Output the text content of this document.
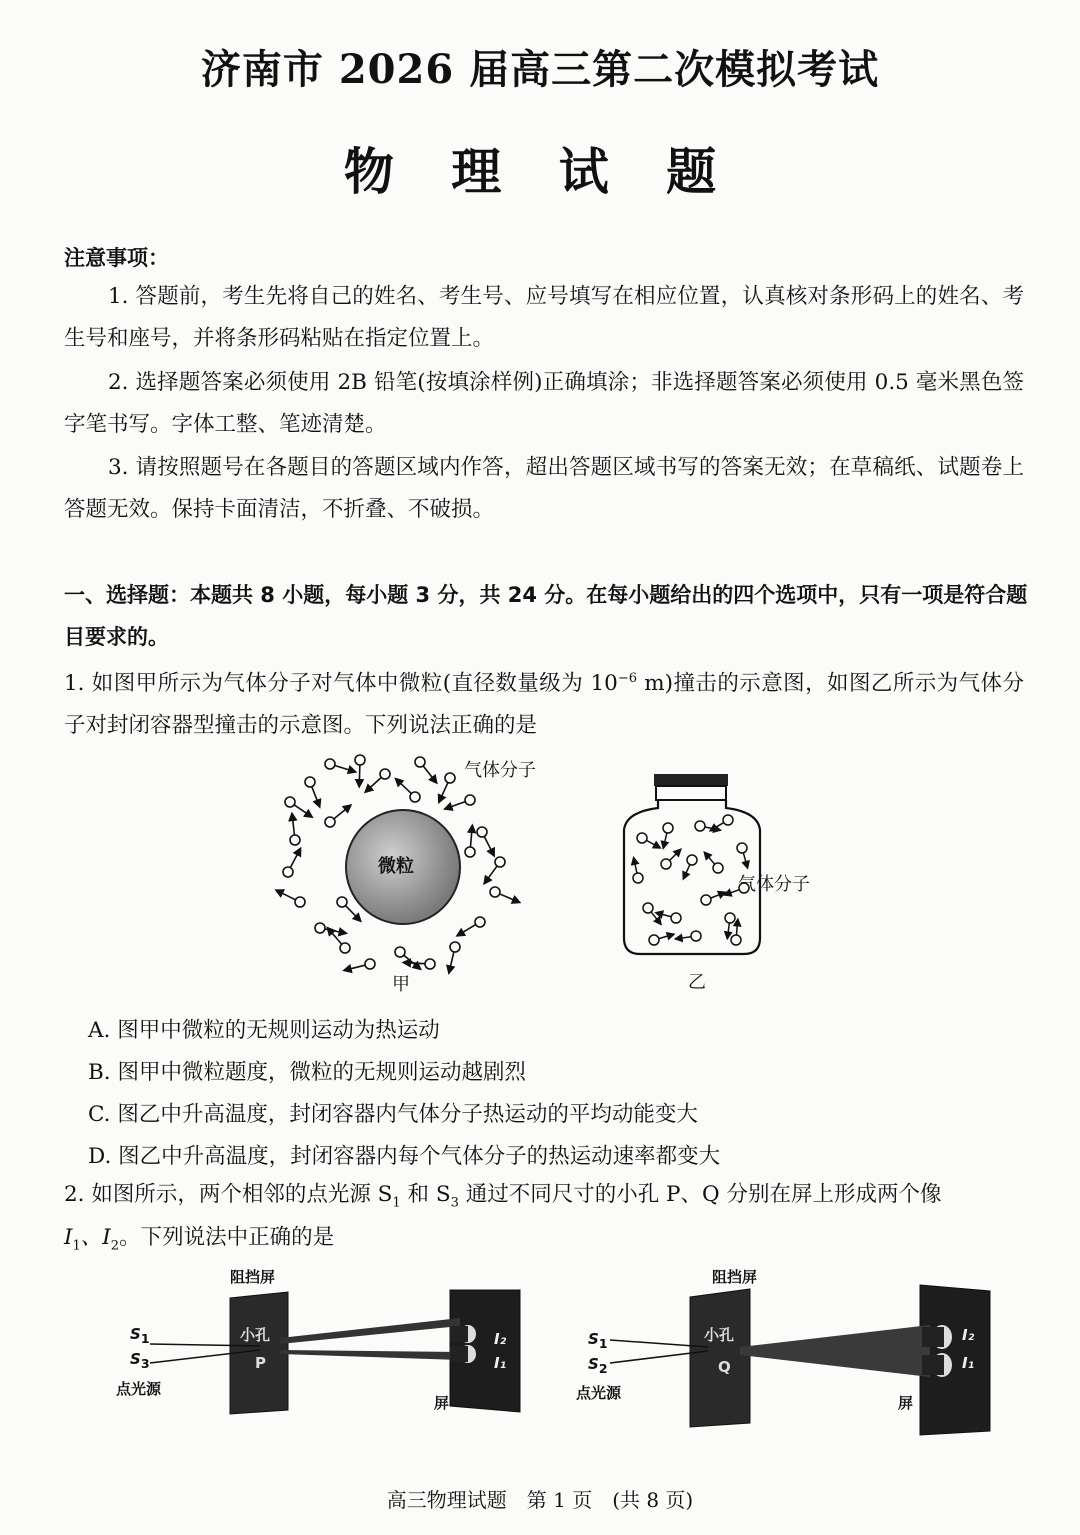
济南市 2026 届高三第二次模拟考试
物 理 试 题
注意事项：
1. 答题前，考生先将自己的姓名、考生号、应号填写在相应位置，认真核对条形码上的姓名、考生号和座号，并将条形码粘贴在指定位置上。
2. 选择题答案必须使用 2B 铅笔(按填涂样例)正确填涂；非选择题答案必须使用 0.5 毫米黑色签字笔书写。字体工整、笔迹清楚。
3. 请按照题号在各题目的答题区域内作答，超出答题区域书写的答案无效；在草稿纸、试题卷上答题无效。保持卡面清洁，不折叠、不破损。
一、选择题：本题共 8 小题，每小题 3 分，共 24 分。在每小题给出的四个选项中，只有一项是符合题目要求的。
1. 如图甲所示为气体分子对气体中微粒(直径数量级为 $10^{-6}$ m)撞击的示意图，如图乙所示为气体分子对封闭容器型撞击的示意图。下列说法正确的是
微粒
气体分子
甲
气体分子
乙
A. 图甲中微粒的无规则运动为热运动
B. 图甲中微粒题度，微粒的无规则运动越剧烈
C. 图乙中升高温度，封闭容器内气体分子热运动的平均动能变大
D. 图乙中升高温度，封闭容器内每个气体分子的热运动速率都变大
2. 如图所示，两个相邻的点光源 $S_1$ 和 $S_3$ 通过不同尺寸的小孔 P、Q 分别在屏上形成两个像
$I_1$、$I_2$。下列说法中正确的是
阻挡屏
$S_1$
$S_3$
点光源
屏
小孔
P
I₂
I₁
阻挡屏
$S_1$
$S_2$
点光源
屏
小孔
Q
I₂
I₁
高三物理试题　第 1 页　(共 8 页)
